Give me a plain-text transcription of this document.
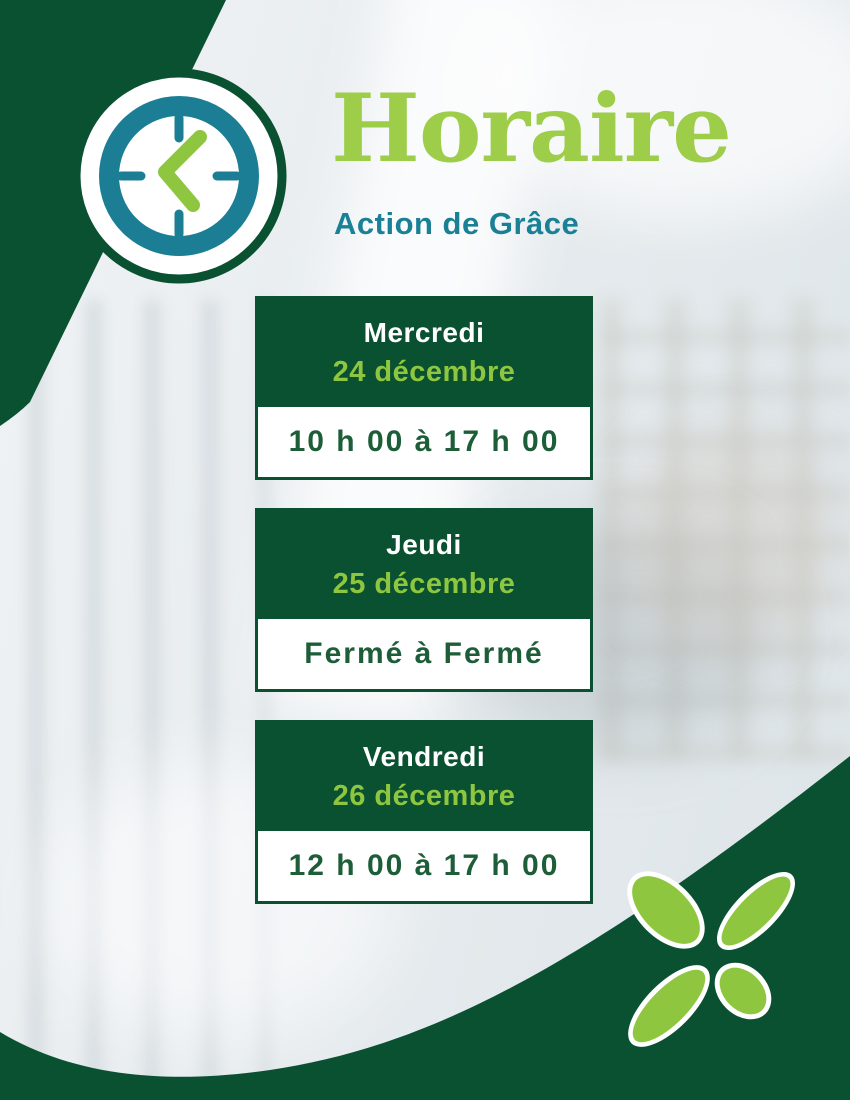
Horaire
Action de Grâce
Mercredi
24 décembre
10 h 00 à 17 h 00
Jeudi
25 décembre
Fermé à Fermé
Vendredi
26 décembre
12 h 00 à 17 h 00
